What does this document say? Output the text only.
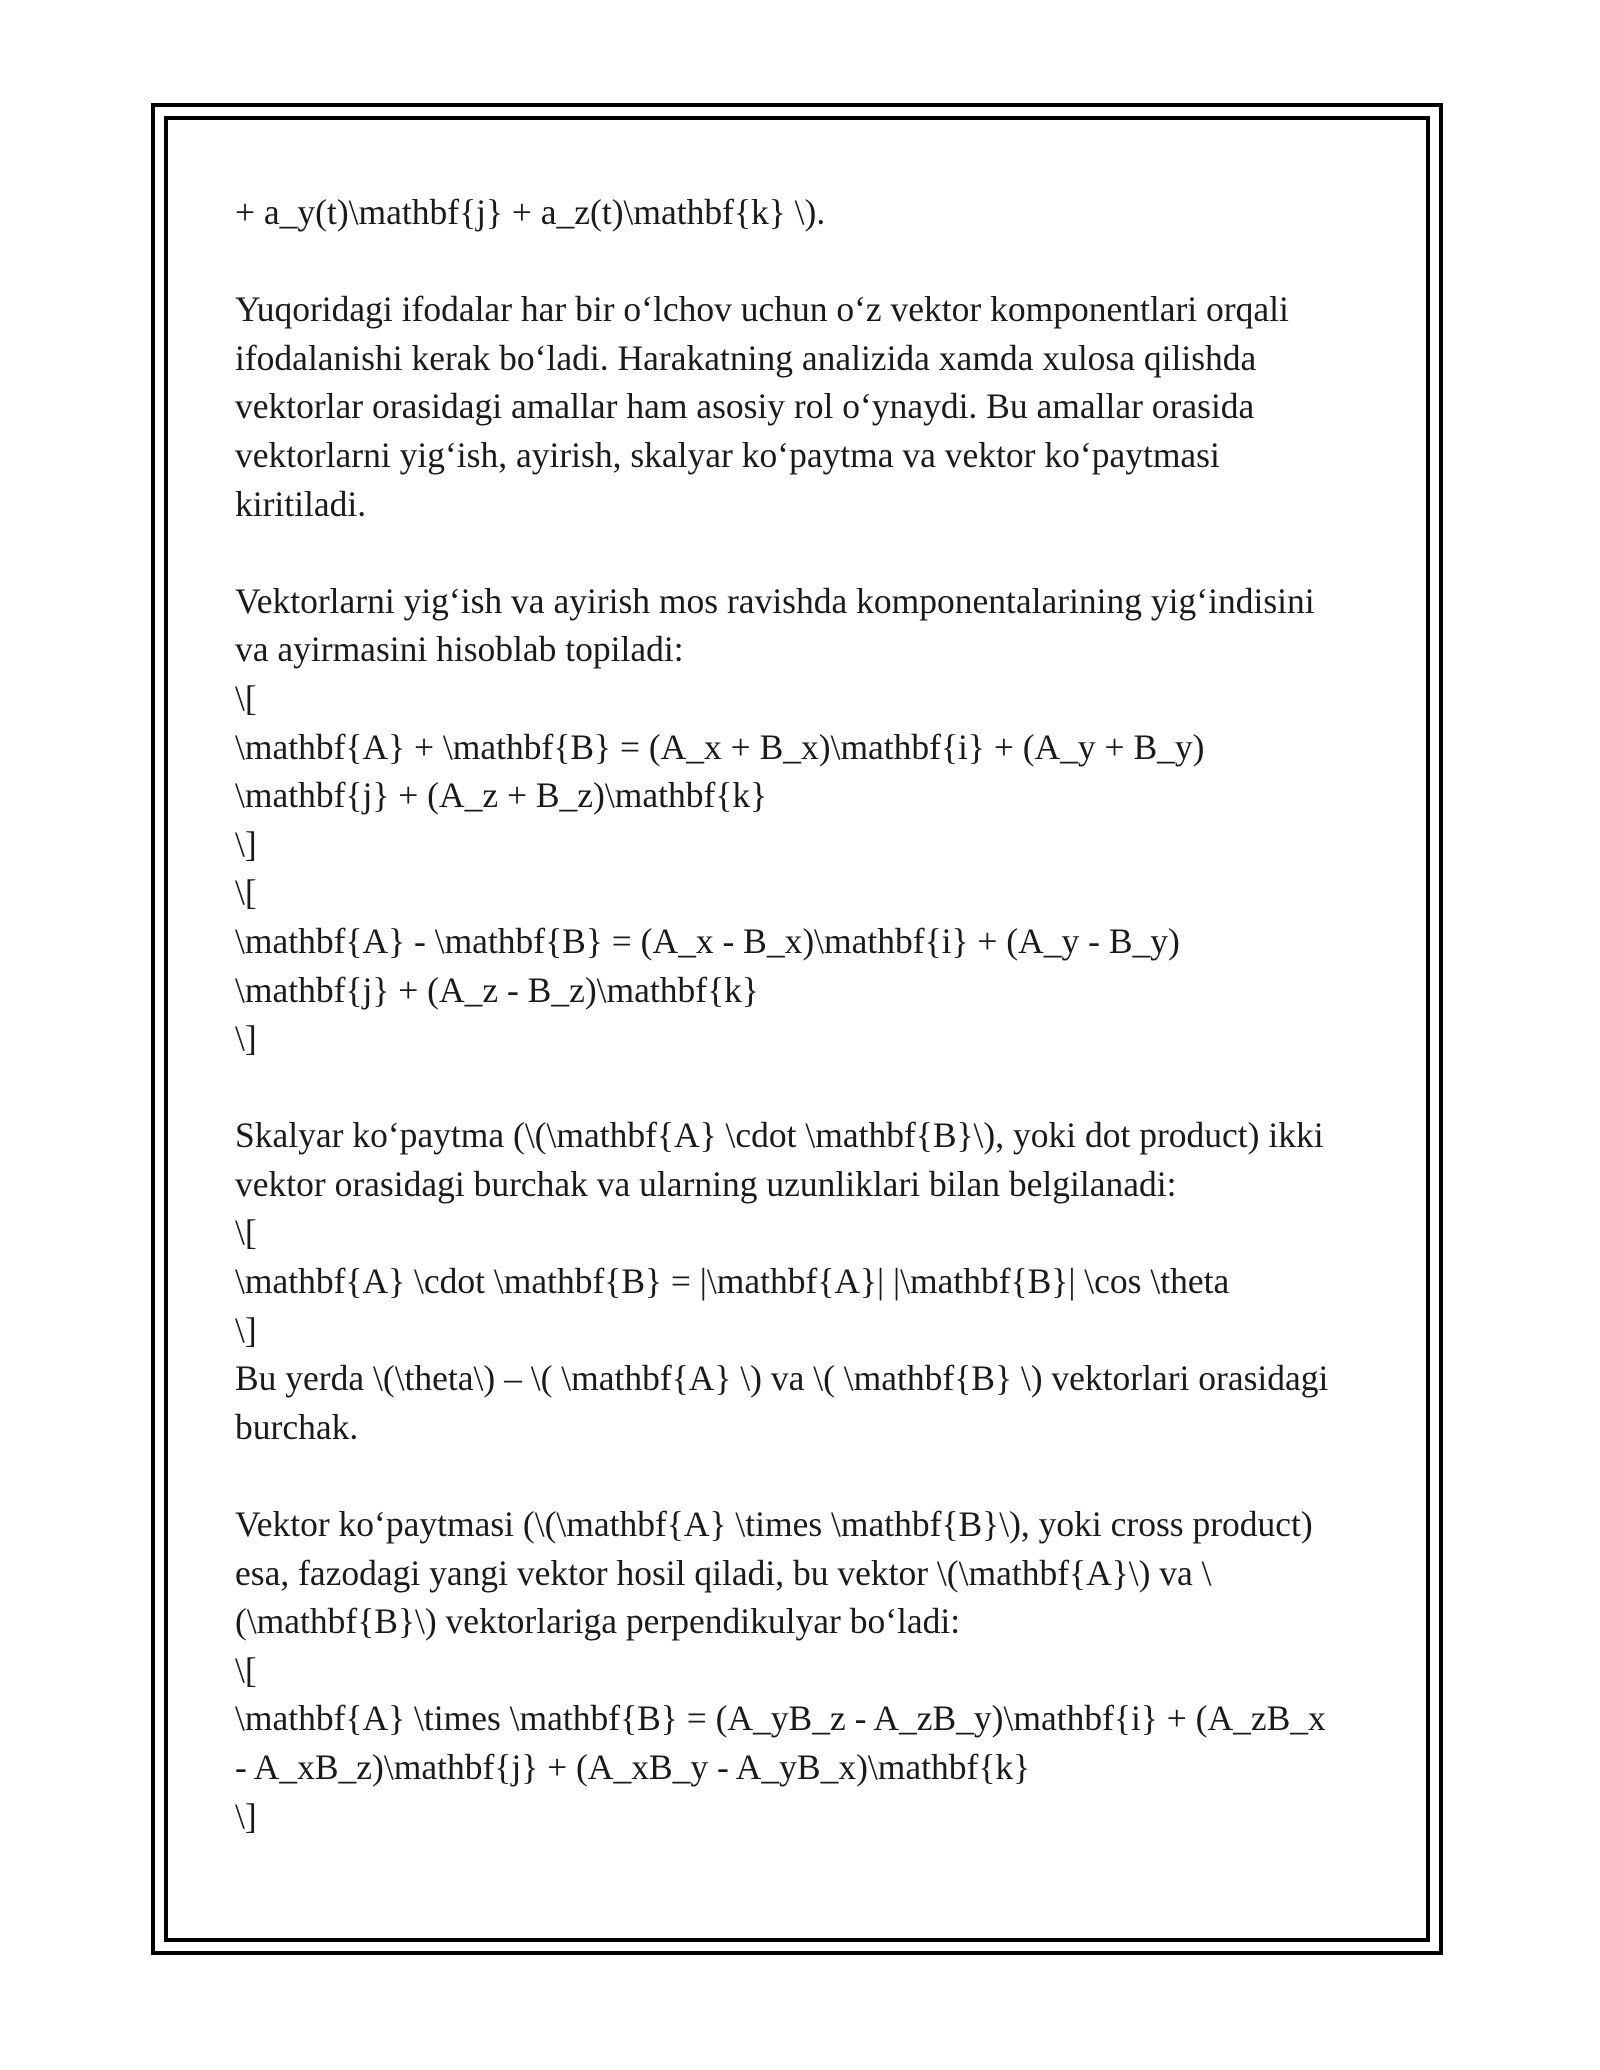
+ a_y(t)\mathbf{j} + a_z(t)\mathbf{k} \).
Yuqoridagi ifodalar har bir o‘lchov uchun o‘z vektor komponentlari orqali
ifodalanishi kerak bo‘ladi. Harakatning analizida xamda xulosa qilishda
vektorlar orasidagi amallar ham asosiy rol o‘ynaydi. Bu amallar orasida
vektorlarni yig‘ish, ayirish, skalyar ko‘paytma va vektor ko‘paytmasi
kiritiladi.
Vektorlarni yig‘ish va ayirish mos ravishda komponentalarining yig‘indisini
va ayirmasini hisoblab topiladi:
\[
\mathbf{A} + \mathbf{B} = (A_x + B_x)\mathbf{i} + (A_y + B_y)
\mathbf{j} + (A_z + B_z)\mathbf{k}
\]
\[
\mathbf{A} - \mathbf{B} = (A_x - B_x)\mathbf{i} + (A_y - B_y)
\mathbf{j} + (A_z - B_z)\mathbf{k}
\]
Skalyar ko‘paytma (\(\mathbf{A} \cdot \mathbf{B}\), yoki dot product) ikki
vektor orasidagi burchak va ularning uzunliklari bilan belgilanadi:
\[
\mathbf{A} \cdot \mathbf{B} = |\mathbf{A}| |\mathbf{B}| \cos \theta
\]
Bu yerda \(\theta\) – \( \mathbf{A} \) va \( \mathbf{B} \) vektorlari orasidagi
burchak.
Vektor ko‘paytmasi (\(\mathbf{A} \times \mathbf{B}\), yoki cross product)
esa, fazodagi yangi vektor hosil qiladi, bu vektor \(\mathbf{A}\) va \
(\mathbf{B}\) vektorlariga perpendikulyar bo‘ladi:
\[
\mathbf{A} \times \mathbf{B} = (A_yB_z - A_zB_y)\mathbf{i} + (A_zB_x
- A_xB_z)\mathbf{j} + (A_xB_y - A_yB_x)\mathbf{k}
\]
